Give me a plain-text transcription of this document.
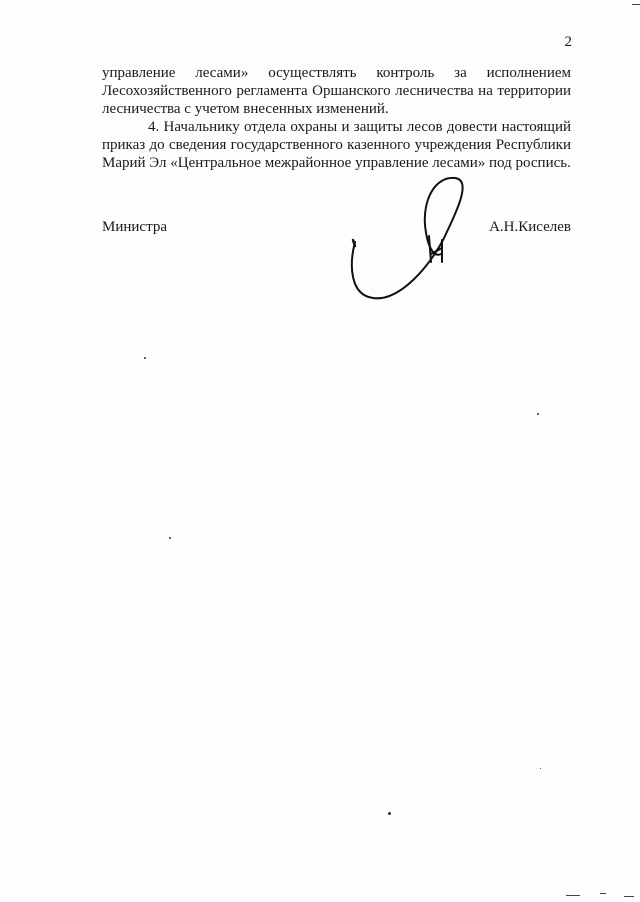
2
управление лесами» осуществлять контроль за исполнением
Лесохозяйственного регламента Оршанского лесничества на территории
лесничества с учетом внесенных изменений.
4. Начальнику отдела охраны и защиты лесов довести настоящий
приказ до сведения государственного казенного учреждения Республики
Марий Эл «Центральное межрайонное управление лесами» под роспись.
Министра	А.Н.Киселев
